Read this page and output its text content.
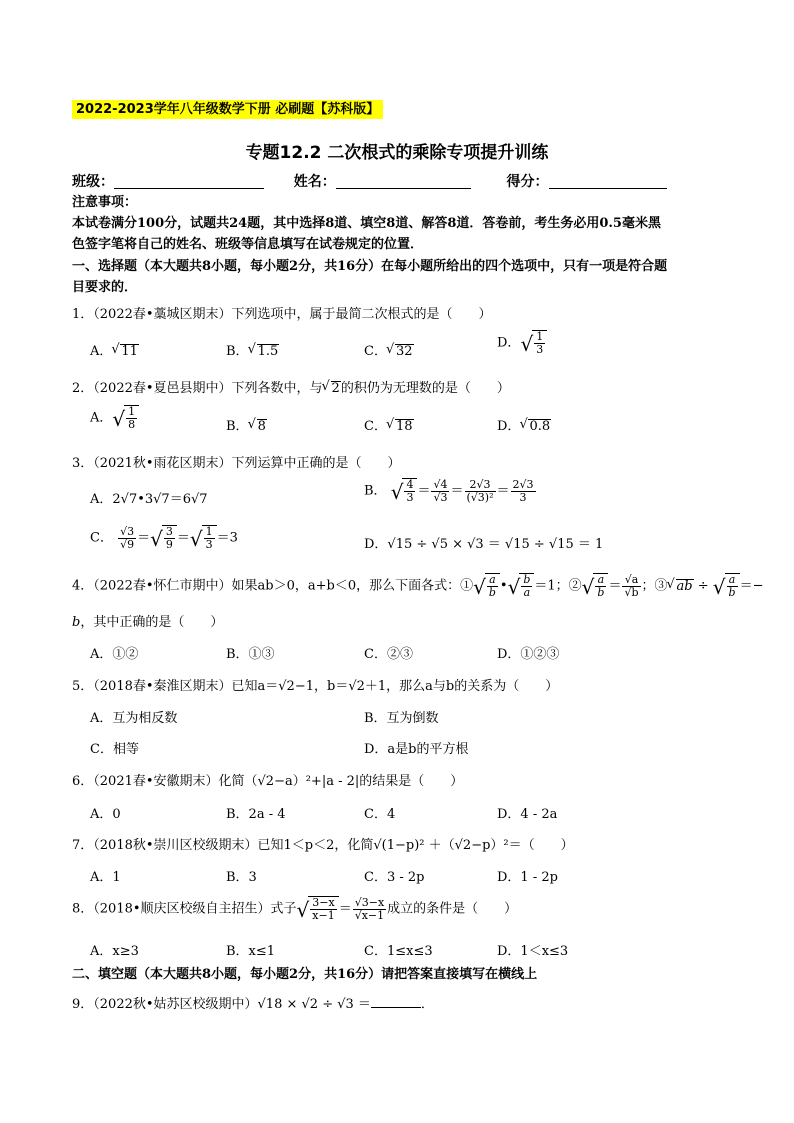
2022-2023学年八年级数学下册 必刷题【苏科版】
专题12.2 二次根式的乘除专项提升训练
班级：	姓名：	得分：
注意事项：
本试卷满分100分，试题共24题，其中选择8道、填空8道、解答8道．答卷前，考生务必用0.5毫米黑
色签字笔将自己的姓名、班级等信息填写在试卷规定的位置．
一、选择题（本大题共8小题，每小题2分，共16分）在每小题所给出的四个选项中，只有一项是符合题
目要求的．
1．（2022春•藁城区期末）下列选项中，属于最简二次根式的是（　　）
A． √ 11	B． √ 1.5	C． √ 32
D． √ $\frac{1}{3}$
2．（2022春•夏邑县期中）下列各数中，与 √ 2的积仍为无理数的是（　　）
A． √ $\frac{1}{8}$	B． √ 8	C． √ 18	D． √ 0.8
3．（2021秋•雨花区期末）下列运算中正确的是（　　）
A．2√7•3√7＝6√7
B． √ $\frac{4}{3} = \frac{√4}{√3} = \frac{2√3}{\text{(√3)²}} = \frac{2√3}{3}$
C． $\frac{√3}{√9}$ ＝ √ $\frac{3}{9}$ ＝ √ $\frac{1}{3} =3$	D．√15 ÷ √5 × √3 ＝ √15 ÷ √15 ＝ 1
4．（2022春•怀仁市期中）如果ab＞0，a+b＜0，那么下面各式：① √ $\frac{a}{b}$ • √ $\frac{b}{a} =1$；② √ $\frac{a}{b} = \frac{√a}{√b}$ ；③ √ ab ÷ √ $\frac{a}{b}$ ＝−
b，其中正确的是（　　）
A．①②	B．①③	C．②③	D．①②③
5．（2018春•秦淮区期末）已知a＝√2−1，b＝√2＋1，那么a与b的关系为（　　）
A．互为相反数	B．互为倒数
C．相等	D．a是b的平方根
6．（2021春•安徽期末）化简（√2−a）²+|a - 2|的结果是（　　）
A．0	B．2a - 4	C．4	D．4 - 2a
7．（2018秋•崇川区校级期末）已知1＜p＜2，化简√(1−p)² ＋（√2−p）²＝（　　）
A．1	B．3	C．3 - 2p	D．1 - 2p
8．（2018•顺庆区校级自主招生）式子 √ $\frac{3-x}{x-1} = \frac{√3-x}{√x-1}$ 成立的条件是（　　）
A．x≥3	B．x≤1	C．1≤x≤3	D．1＜x≤3
二、填空题（本大题共8小题，每小题2分，共16分）请把答案直接填写在横线上
9．（2022秋•姑苏区校级期中）√18 × √2 ÷ √3 ＝	．
